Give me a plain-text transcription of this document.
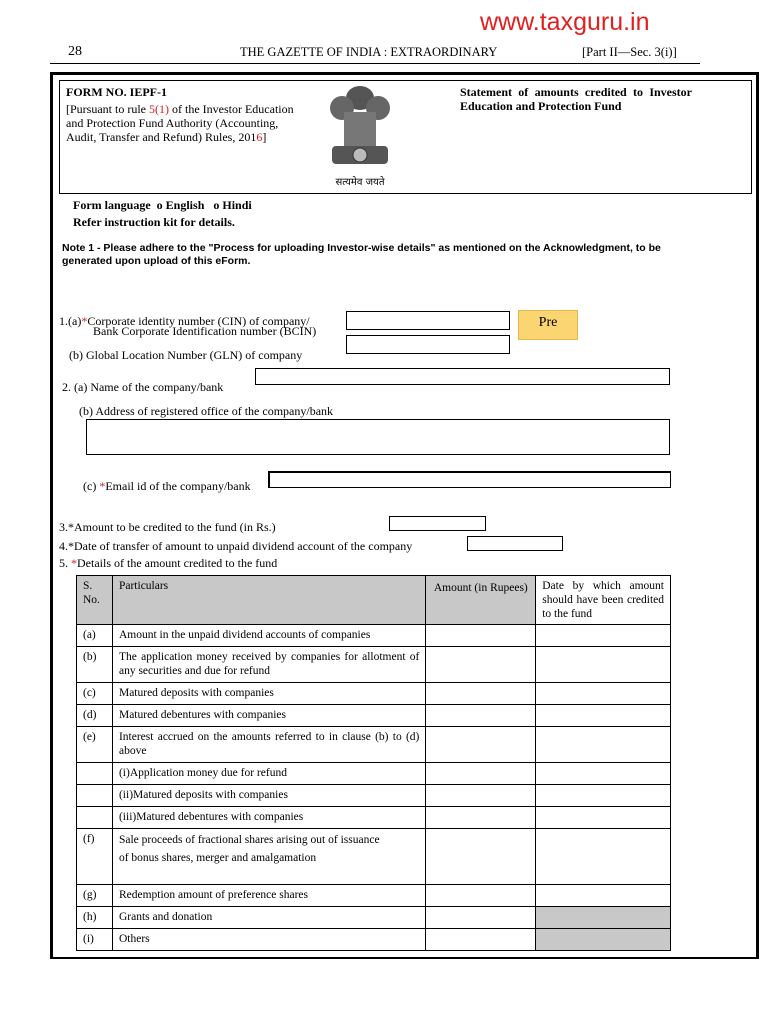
www.taxguru.in
28	THE GAZETTE OF INDIA : EXTRAORDINARY	[Part II—Sec. 3(i)]
FORM NO. IEPF-1
[Pursuant to rule 5(1) of the Investor Education and Protection Fund Authority (Accounting, Audit, Transfer and Refund) Rules, 2016]
सत्यमेव जयते
Statement of amounts credited to Investor Education and Protection Fund
Form language o English o Hindi
Refer instruction kit for details.
Note 1 - Please adhere to the "Process for uploading Investor-wise details" as mentioned on the Acknowledgment, to be generated upon upload of this eForm.
1.(a)*Corporate identity number (CIN) of company/
Bank Corporate Identification number (BCIN)
Pre
(b) Global Location Number (GLN) of company
2. (a) Name of the company/bank
(b) Address of registered office of the company/bank
(c) *Email id of the company/bank
3.*Amount to be credited to the fund (in Rs.)
4.*Date of transfer of amount to unpaid dividend account of the company
5. *Details of the amount credited to the fund
S. No.	Particulars	Amount (in Rupees)	Date by which amount should have been credited to the fund
(a)	Amount in the unpaid dividend accounts of companies		
(b)	The application money received by companies for allotment of any securities and due for refund		
(c)	Matured deposits with companies		
(d)	Matured debentures with companies		
(e)	Interest accrued on the amounts referred to in clause (b) to (d) above		
	(i)Application money due for refund		
	(ii)Matured deposits with companies		
	(iii)Matured debentures with companies		
(f)	Sale proceeds of fractional shares arising out of issuance of bonus shares, merger and amalgamation		
(g)	Redemption amount of preference shares		
(h)	Grants and donation		
(i)	Others		
